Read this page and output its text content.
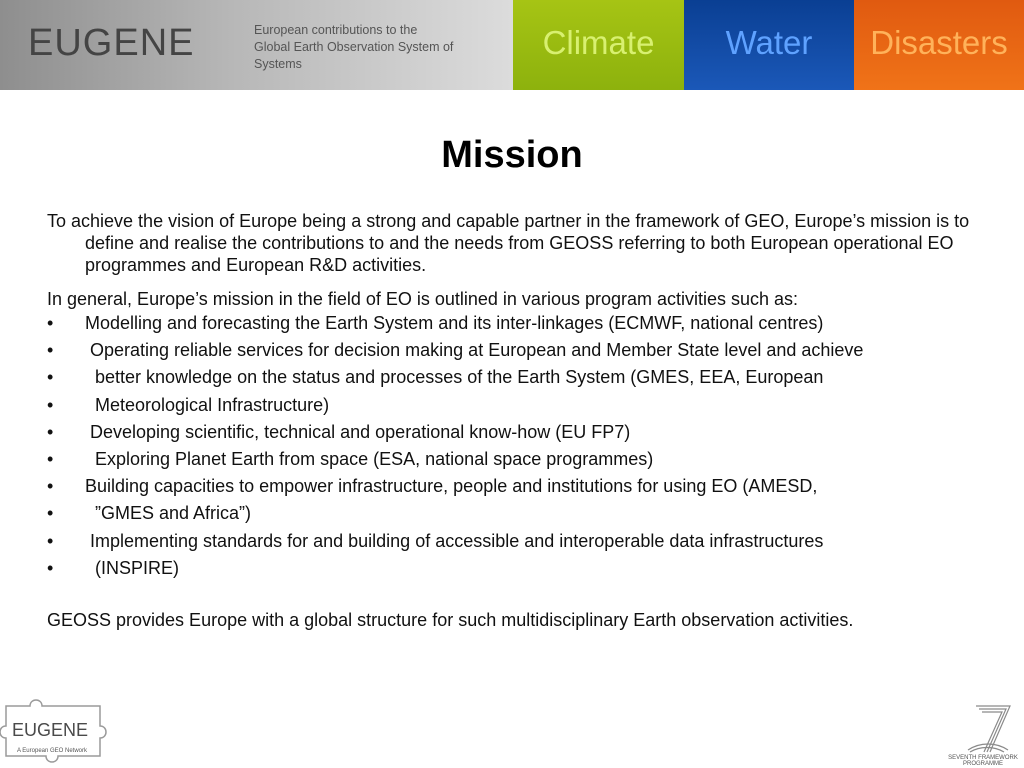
EUGENE	European contributions to the Global Earth Observation System of Systems
Climate	Water	Disasters
Mission

To achieve the vision of Europe being a strong and capable partner in the framework of GEO, Europe’s mission is to define and realise the contributions to and the needs from GEOSS referring to both European operational EO programmes and European R&D activities.

In general, Europe’s mission in the field of EO is outlined in various program activities such as:
• Modelling and forecasting the Earth System and its inter-linkages (ECMWF, national centres)
• Operating reliable services for decision making at European and Member State level and achieve
•  better knowledge on the status and processes of the Earth System (GMES, EEA, European
•  Meteorological Infrastructure)
• Developing scientific, technical and operational know-how (EU FP7)
•  Exploring Planet Earth from space (ESA, national space programmes)
• Building capacities to empower infrastructure, people and institutions for using EO (AMESD,
•  ”GMES and Africa”)
• Implementing standards for and building of accessible and interoperable data infrastructures
•  (INSPIRE)
GEOSS provides Europe with a global structure for such multidisciplinary Earth observation activities.
EUGENE
A European GEO Network
SEVENTH FRAMEWORK
PROGRAMME
